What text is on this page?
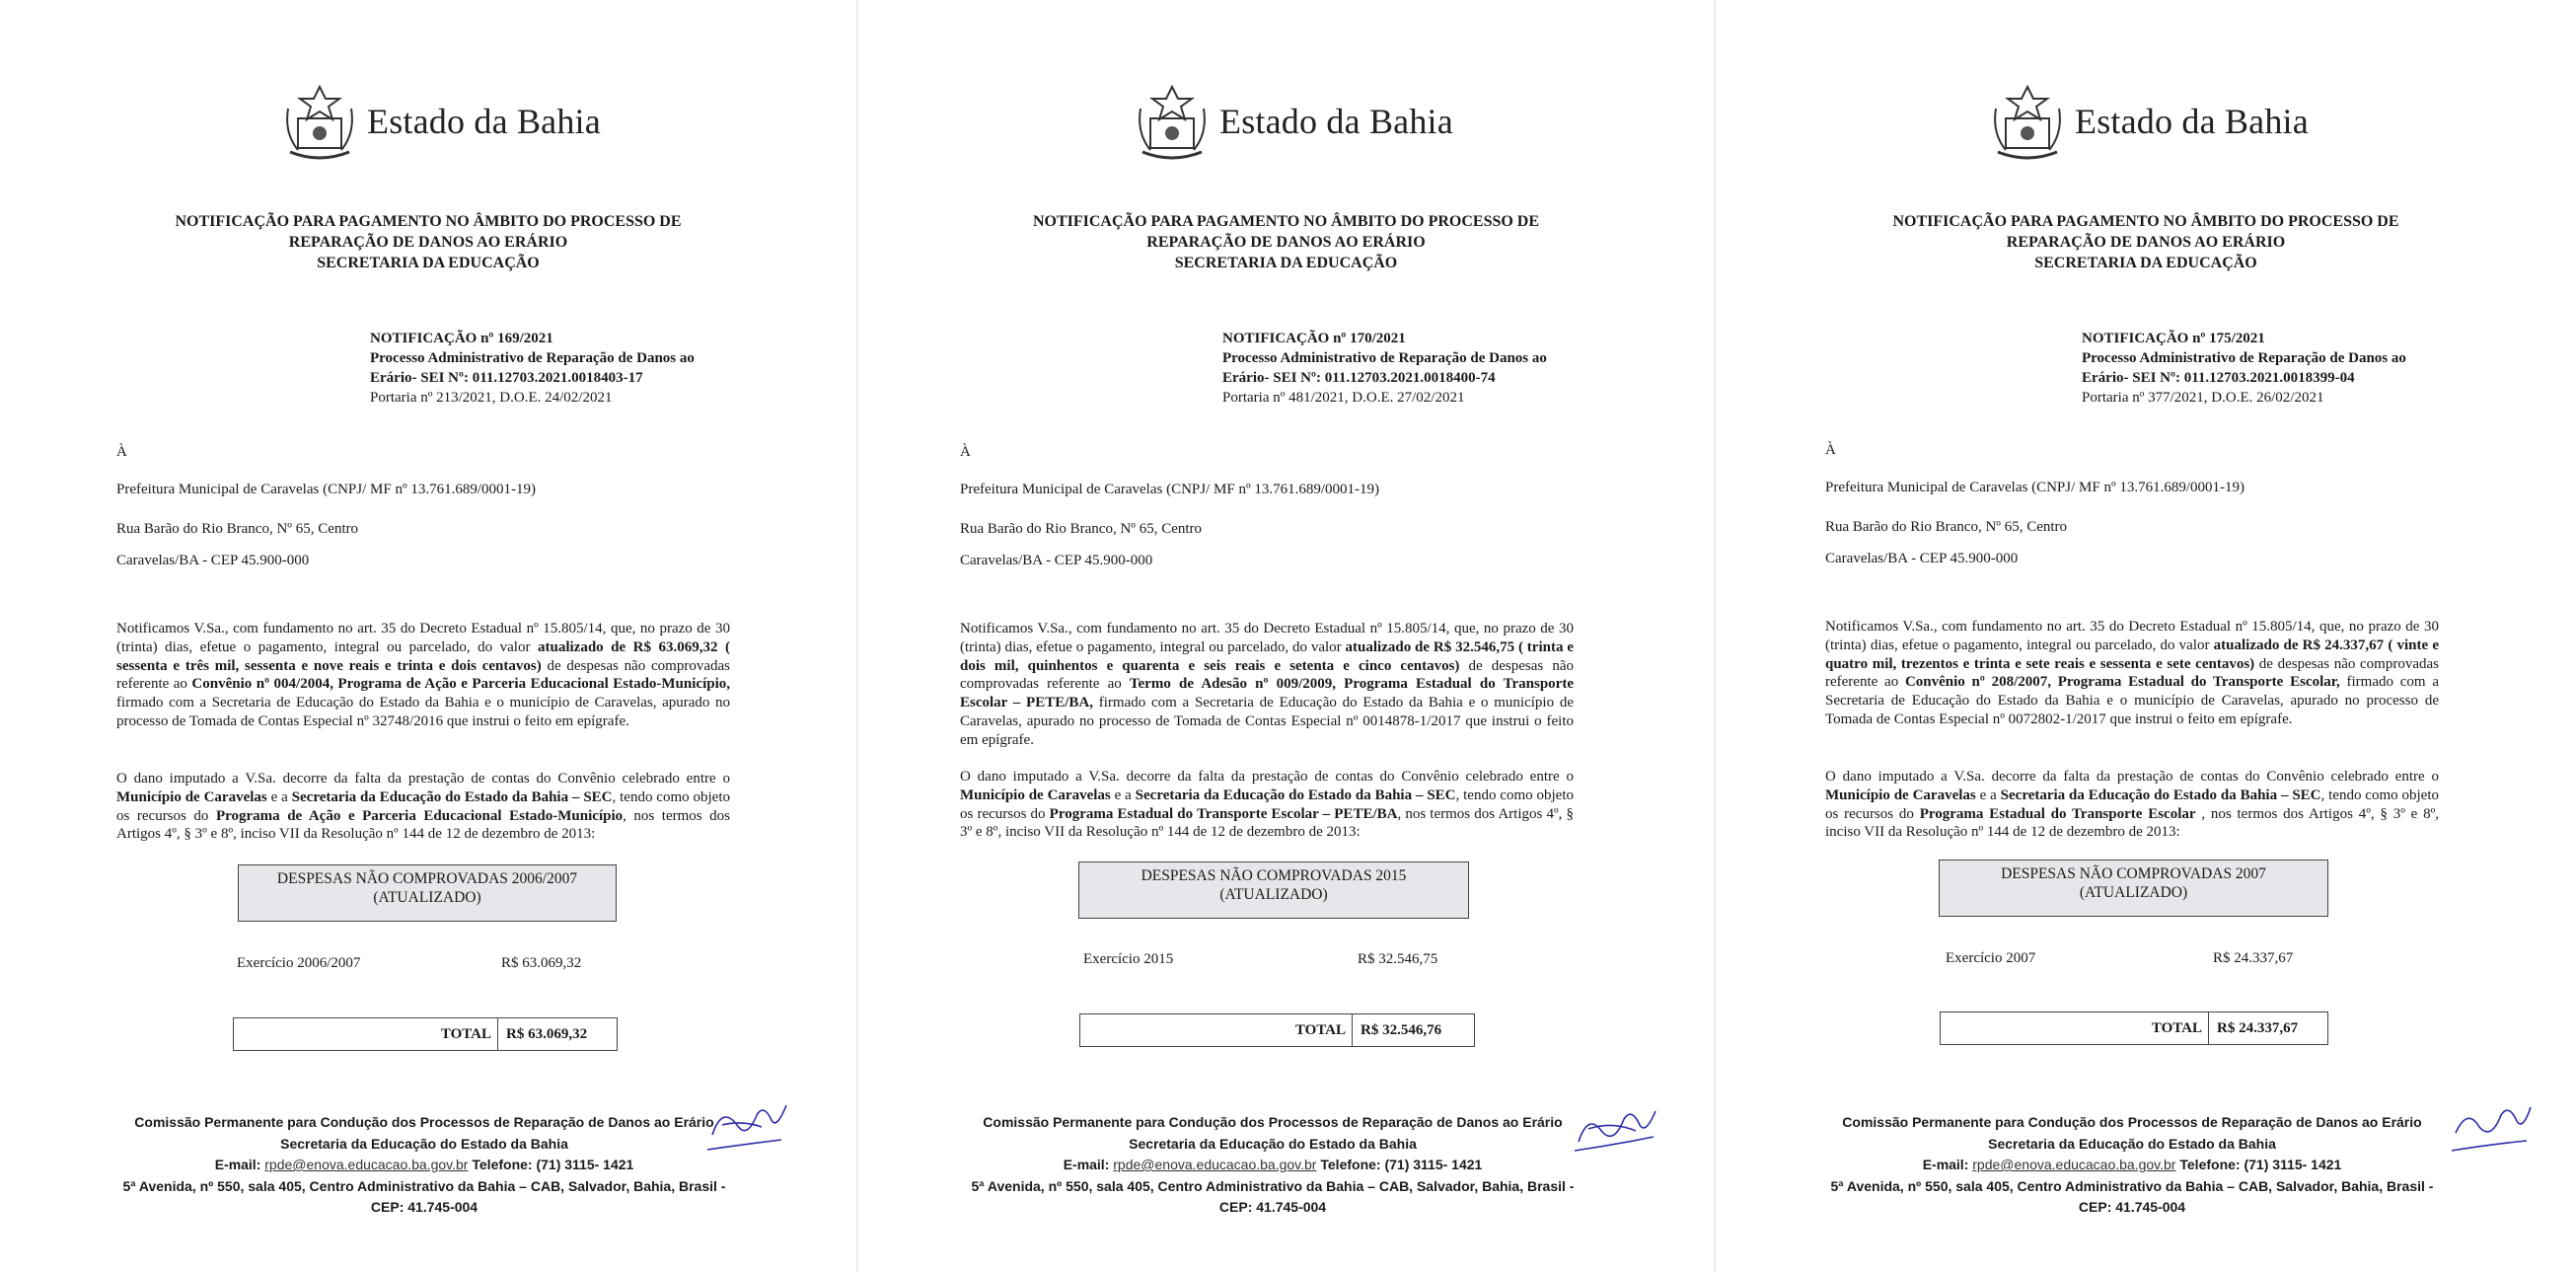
Estado da Bahia
NOTIFICAÇÃO PARA PAGAMENTO NO ÂMBITO DO PROCESSO DE
REPARAÇÃO DE DANOS AO ERÁRIO
SECRETARIA DA EDUCAÇÃO
NOTIFICAÇÃO nº 169/2021
Processo Administrativo de Reparação de Danos ao
Erário- SEI Nº: 011.12703.2021.0018403-17
Portaria nº 213/2021, D.O.E. 24/02/2021
À
Prefeitura Municipal de Caravelas (CNPJ/ MF nº 13.761.689/0001-19)
Rua Barão do Rio Branco, Nº 65, Centro
Caravelas/BA - CEP 45.900-000
Notificamos V.Sa., com fundamento no art. 35 do Decreto Estadual nº 15.805/14, que, no prazo de 30 (trinta) dias, efetue o pagamento, integral ou parcelado, do valor atualizado de R$ 63.069,32 ( sessenta e três mil, sessenta e nove reais e trinta e dois centavos) de despesas não comprovadas referente ao Convênio nº 004/2004, Programa de Ação e Parceria Educacional Estado-Município, firmado com a Secretaria de Educação do Estado da Bahia e o município de Caravelas, apurado no processo de Tomada de Contas Especial nº 32748/2016 que instrui o feito em epígrafe.
O dano imputado a V.Sa. decorre da falta da prestação de contas do Convênio celebrado entre o Município de Caravelas e a Secretaria da Educação do Estado da Bahia – SEC, tendo como objeto os recursos do Programa de Ação e Parceria Educacional Estado-Município, nos termos dos Artigos 4º, § 3º e 8º, inciso VII da Resolução nº 144 de 12 de dezembro de 2013:
DESPESAS NÃO COMPROVADAS 2006/2007
(ATUALIZADO)
Exercício 2006/2007	R$ 63.069,32
TOTAL	R$ 63.069,32
Comissão Permanente para Condução dos Processos de Reparação de Danos ao Erário
Secretaria da Educação do Estado da Bahia
E-mail: rpde@enova.educacao.ba.gov.br Telefone: (71) 3115- 1421
5ª Avenida, nº 550, sala 405, Centro Administrativo da Bahia – CAB, Salvador, Bahia, Brasil -
CEP: 41.745-004
Estado da Bahia
NOTIFICAÇÃO PARA PAGAMENTO NO ÂMBITO DO PROCESSO DE
REPARAÇÃO DE DANOS AO ERÁRIO
SECRETARIA DA EDUCAÇÃO
NOTIFICAÇÃO nº 170/2021
Processo Administrativo de Reparação de Danos ao
Erário- SEI Nº: 011.12703.2021.0018400-74
Portaria nº 481/2021, D.O.E. 27/02/2021
À
Prefeitura Municipal de Caravelas (CNPJ/ MF nº 13.761.689/0001-19)
Rua Barão do Rio Branco, Nº 65, Centro
Caravelas/BA - CEP 45.900-000
Notificamos V.Sa., com fundamento no art. 35 do Decreto Estadual nº 15.805/14, que, no prazo de 30 (trinta) dias, efetue o pagamento, integral ou parcelado, do valor atualizado de R$ 32.546,75 ( trinta e dois mil, quinhentos e quarenta e seis reais e setenta e cinco centavos) de despesas não comprovadas referente ao Termo de Adesão nº 009/2009, Programa Estadual do Transporte Escolar – PETE/BA, firmado com a Secretaria de Educação do Estado da Bahia e o município de Caravelas, apurado no processo de Tomada de Contas Especial nº 0014878-1/2017 que instrui o feito em epígrafe.
O dano imputado a V.Sa. decorre da falta da prestação de contas do Convênio celebrado entre o Município de Caravelas e a Secretaria da Educação do Estado da Bahia – SEC, tendo como objeto os recursos do Programa Estadual do Transporte Escolar – PETE/BA, nos termos dos Artigos 4º, § 3º e 8º, inciso VII da Resolução nº 144 de 12 de dezembro de 2013:
DESPESAS NÃO COMPROVADAS 2015
(ATUALIZADO)
Exercício 2015	R$ 32.546,75
TOTAL	R$ 32.546,76
Comissão Permanente para Condução dos Processos de Reparação de Danos ao Erário
Secretaria da Educação do Estado da Bahia
E-mail: rpde@enova.educacao.ba.gov.br Telefone: (71) 3115- 1421
5ª Avenida, nº 550, sala 405, Centro Administrativo da Bahia – CAB, Salvador, Bahia, Brasil -
CEP: 41.745-004
Estado da Bahia
NOTIFICAÇÃO PARA PAGAMENTO NO ÂMBITO DO PROCESSO DE
REPARAÇÃO DE DANOS AO ERÁRIO
SECRETARIA DA EDUCAÇÃO
NOTIFICAÇÃO nº 175/2021
Processo Administrativo de Reparação de Danos ao
Erário- SEI Nº: 011.12703.2021.0018399-04
Portaria nº 377/2021, D.O.E. 26/02/2021
À
Prefeitura Municipal de Caravelas (CNPJ/ MF nº 13.761.689/0001-19)
Rua Barão do Rio Branco, Nº 65, Centro
Caravelas/BA - CEP 45.900-000
Notificamos V.Sa., com fundamento no art. 35 do Decreto Estadual nº 15.805/14, que, no prazo de 30 (trinta) dias, efetue o pagamento, integral ou parcelado, do valor atualizado de R$ 24.337,67 ( vinte e quatro mil, trezentos e trinta e sete reais e sessenta e sete centavos) de despesas não comprovadas referente ao Convênio nº 208/2007, Programa Estadual do Transporte Escolar, firmado com a Secretaria de Educação do Estado da Bahia e o município de Caravelas, apurado no processo de Tomada de Contas Especial nº 0072802-1/2017 que instrui o feito em epígrafe.
O dano imputado a V.Sa. decorre da falta da prestação de contas do Convênio celebrado entre o Município de Caravelas e a Secretaria da Educação do Estado da Bahia – SEC, tendo como objeto os recursos do Programa Estadual do Transporte Escolar , nos termos dos Artigos 4º, § 3º e 8º, inciso VII da Resolução nº 144 de 12 de dezembro de 2013:
DESPESAS NÃO COMPROVADAS 2007
(ATUALIZADO)
Exercício 2007	R$ 24.337,67
TOTAL	R$ 24.337,67
Comissão Permanente para Condução dos Processos de Reparação de Danos ao Erário
Secretaria da Educação do Estado da Bahia
E-mail: rpde@enova.educacao.ba.gov.br Telefone: (71) 3115- 1421
5ª Avenida, nº 550, sala 405, Centro Administrativo da Bahia – CAB, Salvador, Bahia, Brasil -
CEP: 41.745-004
